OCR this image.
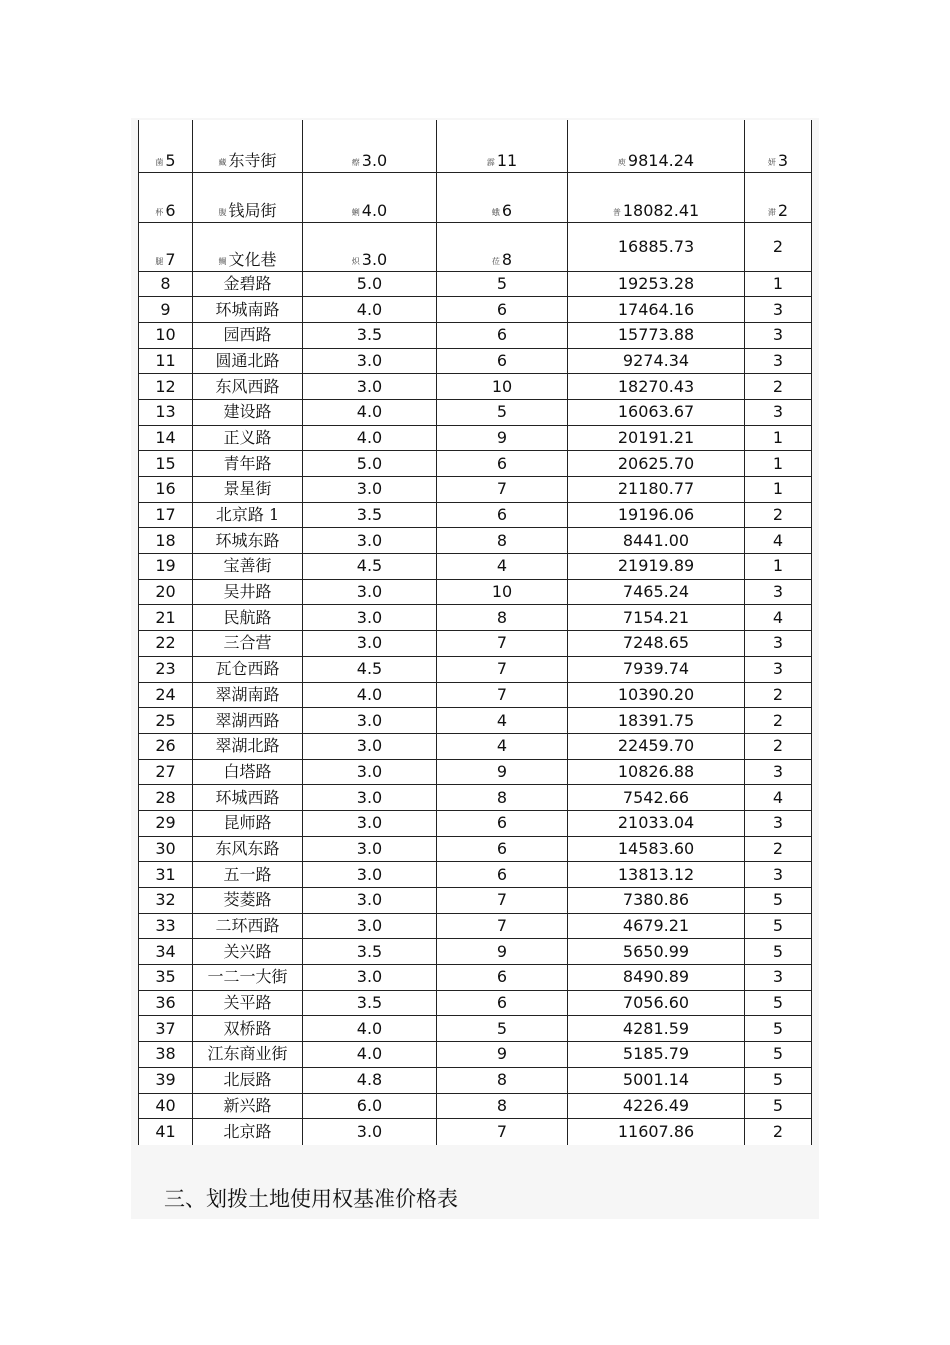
菌 5	藏 东寺街	瘵 3.0	霹 11	庾 9814.24	妍 3
杯 6	腹 钱局街	蜊 4.0	蛾 6	普 18082.41	滞 2
腿 7	鲷 文化巷	炽 3.0	莅 8	16885.73	2
8	金碧路	5.0	5	19253.28	1
9	环城南路	4.0	6	17464.16	3
10	园西路	3.5	6	15773.88	3
11	圆通北路	3.0	6	9274.34	3
12	东风西路	3.0	10	18270.43	2
13	建设路	4.0	5	16063.67	3
14	正义路	4.0	9	20191.21	1
15	青年路	5.0	6	20625.70	1
16	景星街	3.0	7	21180.77	1
17	北京路 1	3.5	6	19196.06	2
18	环城东路	3.0	8	8441.00	4
19	宝善街	4.5	4	21919.89	1
20	吴井路	3.0	10	7465.24	3
21	民航路	3.0	8	7154.21	4
22	三合营	3.0	7	7248.65	3
23	瓦仓西路	4.5	7	7939.74	3
24	翠湖南路	4.0	7	10390.20	2
25	翠湖西路	3.0	4	18391.75	2
26	翠湖北路	3.0	4	22459.70	2
27	白塔路	3.0	9	10826.88	3
28	环城西路	3.0	8	7542.66	4
29	昆师路	3.0	6	21033.04	3
30	东风东路	3.0	6	14583.60	2
31	五一路	3.0	6	13813.12	3
32	茭菱路	3.0	7	7380.86	5
33	二环西路	3.0	7	4679.21	5
34	关兴路	3.5	9	5650.99	5
35	一二一大街	3.0	6	8490.89	3
36	关平路	3.5	6	7056.60	5
37	双桥路	4.0	5	4281.59	5
38	江东商业街	4.0	9	5185.79	5
39	北辰路	4.8	8	5001.14	5
40	新兴路	6.0	8	4226.49	5
41	北京路	3.0	7	11607.86	2
三、划拨土地使用权基准价格表
